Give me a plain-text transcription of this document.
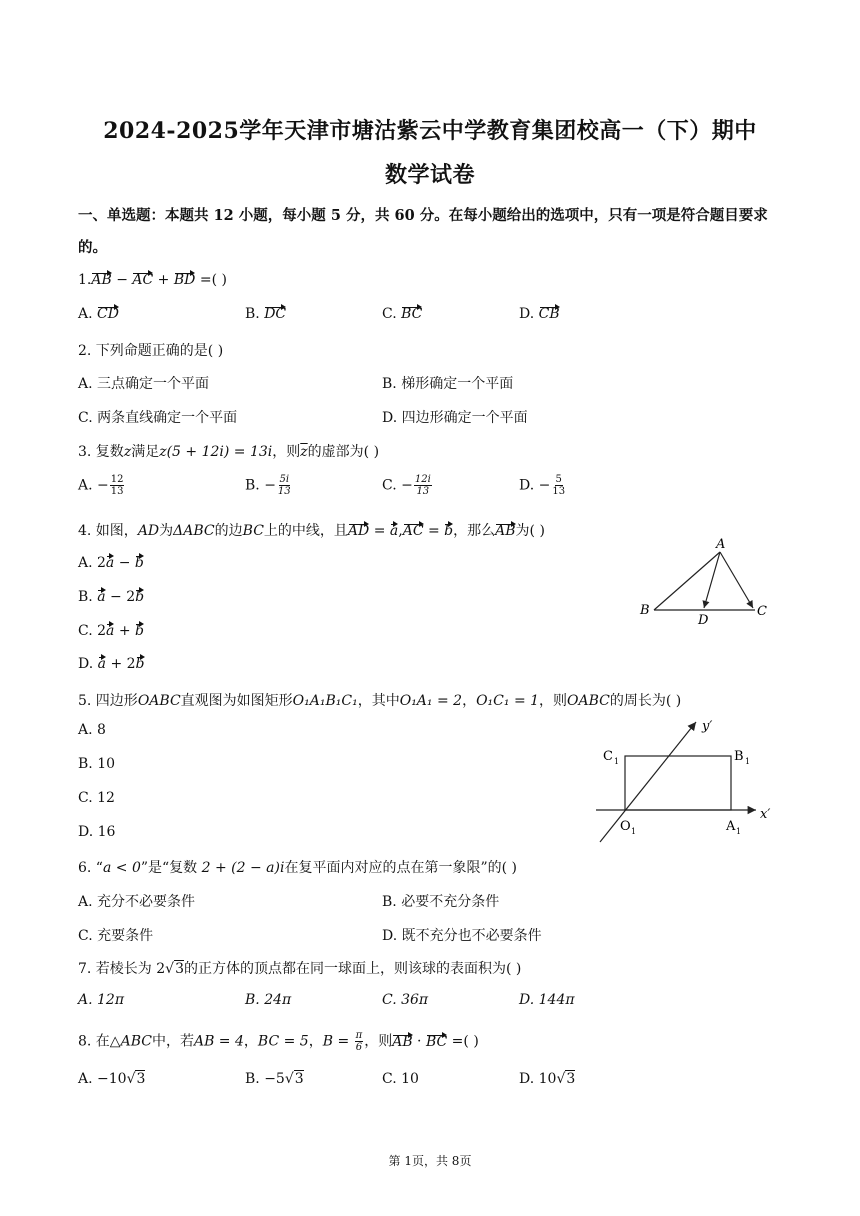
2024-2025学年天津市塘沽紫云中学教育集团校高一（下）期中
数学试卷
一、单选题：本题共 12 小题，每小题 5 分，共 60 分。在每小题给出的选项中，只有一项是符合题目要求
的。
1.AB − AC + BD =( )
A. CD	B. DC	C. BC	D. CB
2. 下列命题正确的是( )
A. 三点确定一个平面	B. 梯形确定一个平面
C. 两条直线确定一个平面	D. 四边形确定一个平面
3. 复数z满足z(5 + 12i) = 13i，则$\overline{z}$的虚部为( )
A. − $\frac{12}{13}$	B. − $\frac{5i}{13}$	C. − $\frac{12i}{13}$	D. − $\frac{5}{13}$
4. 如图，AD为ΔABC的边BC上的中线，且AD = a,AC = b，那么AB为( )
A. 2a − b
B. a − 2b
C. 2a + b
D. a + 2b
A
B	C
D
5. 四边形OABC直观图为如图矩形O₁A₁B₁C₁，其中O₁A₁ = 2，O₁C₁ = 1，则OABC的周长为( )
A. 8
B. 10
C. 12
D. 16
y′
x′
C 1	B 1
O 1	A 1
6. “a < 0”是“复数 2 + (2 − a)i在复平面内对应的点在第一象限”的( )
A. 充分不必要条件	B. 必要不充分条件
C. 充要条件	D. 既不充分也不必要条件
7. 若棱长为 2√3的正方体的顶点都在同一球面上，则该球的表面积为( )
A. 12π	B. 24π	C. 36π	D. 144π
8. 在△ABC中，若AB = 4，BC = 5，$B = \frac{\pi}{6}$ ，则AB · BC =( )
A. −10√3	B. −5√3	C. 10	D. 10√3
第 1页，共 8页
